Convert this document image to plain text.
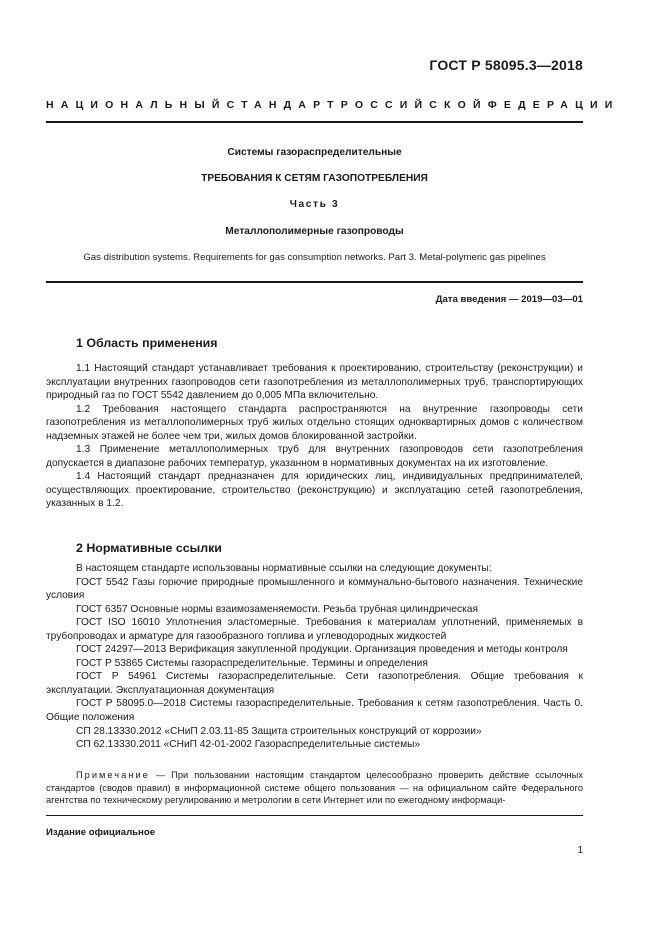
ГОСТ Р 58095.3—2018
НАЦИОНАЛЬНЫЙ СТАНДАРТ РОССИЙСКОЙ ФЕДЕРАЦИИ
Системы газораспределительные
ТРЕБОВАНИЯ К СЕТЯМ ГАЗОПОТРЕБЛЕНИЯ
Часть 3
Металлополимерные газопроводы
Gas distribution systems. Requirements for gas consumption networks. Part 3. Metal-polymeric gas pipelines
Дата введения — 2019—03—01
1 Область применения

1.1 Настоящий стандарт устанавливает требования к проектированию, строительству (реконструкции) и эксплуатации внутренних газопроводов сети газопотребления из металлополимерных труб, транспортирующих природный газ по ГОСТ 5542 давлением до 0,005 МПа включительно.

1.2 Требования настоящего стандарта распространяются на внутренние газопроводы сети газопотребления из металлополимерных труб жилых отдельно стоящих одноквартирных домов с количеством надземных этажей не более чем три, жилых домов блокированной застройки.

1.3 Применение металлополимерных труб для внутренних газопроводов сети газопотребления допускается в диапазоне рабочих температур, указанном в нормативных документах на их изготовление.

1.4 Настоящий стандарт предназначен для юридических лиц, индивидуальных предпринимателей, осуществляющих проектирование, строительство (реконструкцию) и эксплуатацию сетей газопотребления, указанных в 1.2.

2 Нормативные ссылки

В настоящем стандарте использованы нормативные ссылки на следующие документы:

ГОСТ 5542 Газы горючие природные промышленного и коммунально-бытового назначения. Технические условия

ГОСТ 6357 Основные нормы взаимозаменяемости. Резьба трубная цилиндрическая

ГОСТ ISO 16010 Уплотнения эластомерные. Требования к материалам уплотнений, применяемых в трубопроводах и арматуре для газообразного топлива и углеводородных жидкостей

ГОСТ 24297—2013 Верификация закупленной продукции. Организация проведения и методы контроля

ГОСТ Р 53865 Системы газораспределительные. Термины и определения

ГОСТ Р 54961 Системы газораспределительные. Сети газопотребления. Общие требования к эксплуатации. Эксплуатационная документация

ГОСТ Р 58095.0—2018 Системы газораспределительные. Требования к сетям газопотребления. Часть 0. Общие положения

СП 28.13330.2012 «СНиП 2.03.11-85 Защита строительных конструкций от коррозии»

СП 62.13330.2011 «СНиП 42-01-2002 Газораспределительные системы»

Примечание — При пользовании настоящим стандартом целесообразно проверить действие ссылочных стандартов (сводов правил) в информационной системе общего пользования — на официальном сайте Федерального агентства по техническому регулированию и метрологии в сети Интернет или по ежегодному информаци-
Издание официальное
1
